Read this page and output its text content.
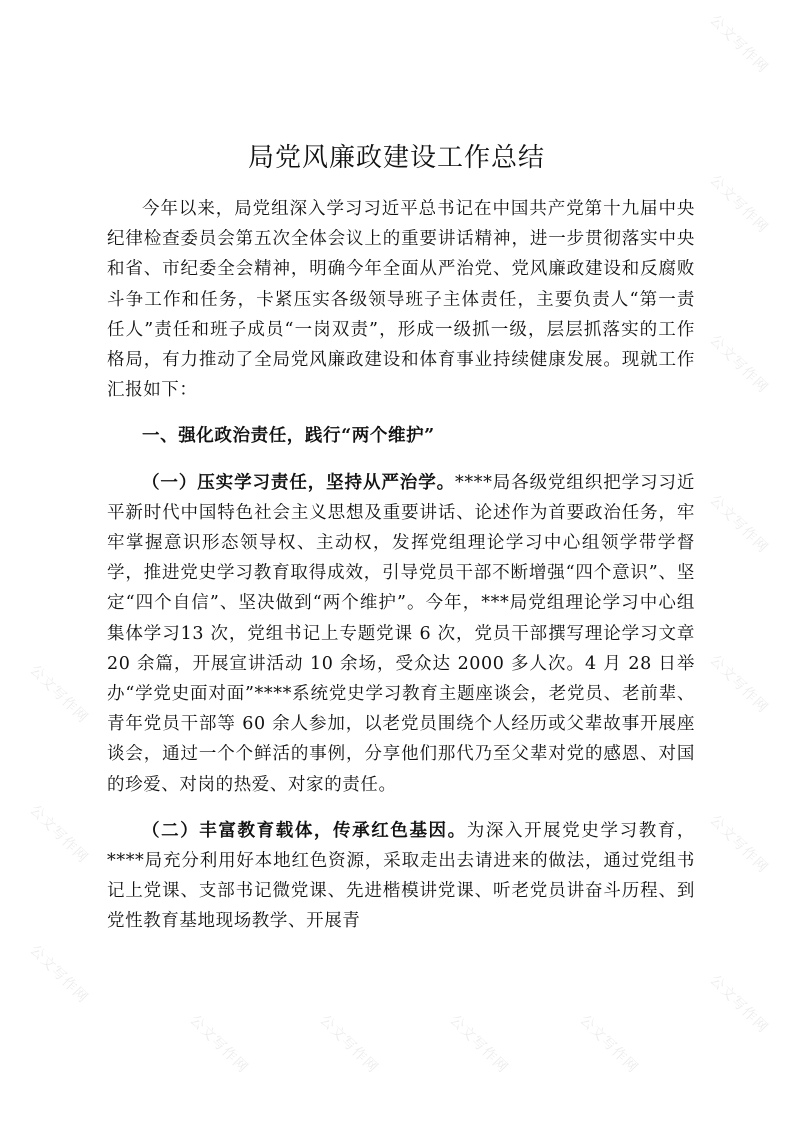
公文写作网
公文写作网
公文写作网
公文写作网
公文写作网
公文写作网
公文写作网
公文写作网
公文写作网
公文写作网
公文写作网	公文写作网	公文写作网	公文写作网
局党风廉政建设工作总结

今年以来，局党组深入学习习近平总书记在中国共产党第十九届中央纪律检查委员会第五次全体会议上的重要讲话精神，进一步贯彻落实中央和省、市纪委全会精神，明确今年全面从严治党、党风廉政建设和反腐败斗争工作和任务，卡紧压实各级领导班子主体责任，主要负责人“第一责任人”责任和班子成员“一岗双责”，形成一级抓一级，层层抓落实的工作格局，有力推动了全局党风廉政建设和体育事业持续健康发展。现就工作汇报如下：

一、强化政治责任，践行“两个维护”

（一）压实学习责任，坚持从严治学。****局各级党组织把学习习近平新时代中国特色社会主义思想及重要讲话、论述作为首要政治任务，牢牢掌握意识形态领导权、主动权，发挥党组理论学习中心组领学带学督学，推进党史学习教育取得成效，引导党员干部不断增强“四个意识”、坚定“四个自信”、坚决做到“两个维护”。今年，***局党组理论学习中心组集体学习13 次，党组书记上专题党课 6 次，党员干部撰写理论学习文章 20 余篇，开展宣讲活动 10 余场，受众达 2000 多人次。4 月 28 日举办“学党史面对面”****系统党史学习教育主题座谈会，老党员、老前辈、青年党员干部等 60 余人参加，以老党员围绕个人经历或父辈故事开展座谈会，通过一个个鲜活的事例，分享他们那代乃至父辈对党的感恩、对国的珍爱、对岗的热爱、对家的责任。

（二）丰富教育载体，传承红色基因。为深入开展党史学习教育，****局充分利用好本地红色资源，采取走出去请进来的做法，通过党组书记上党课、支部书记微党课、先进楷模讲党课、听老党员讲奋斗历程、到党性教育基地现场教学、开展青
